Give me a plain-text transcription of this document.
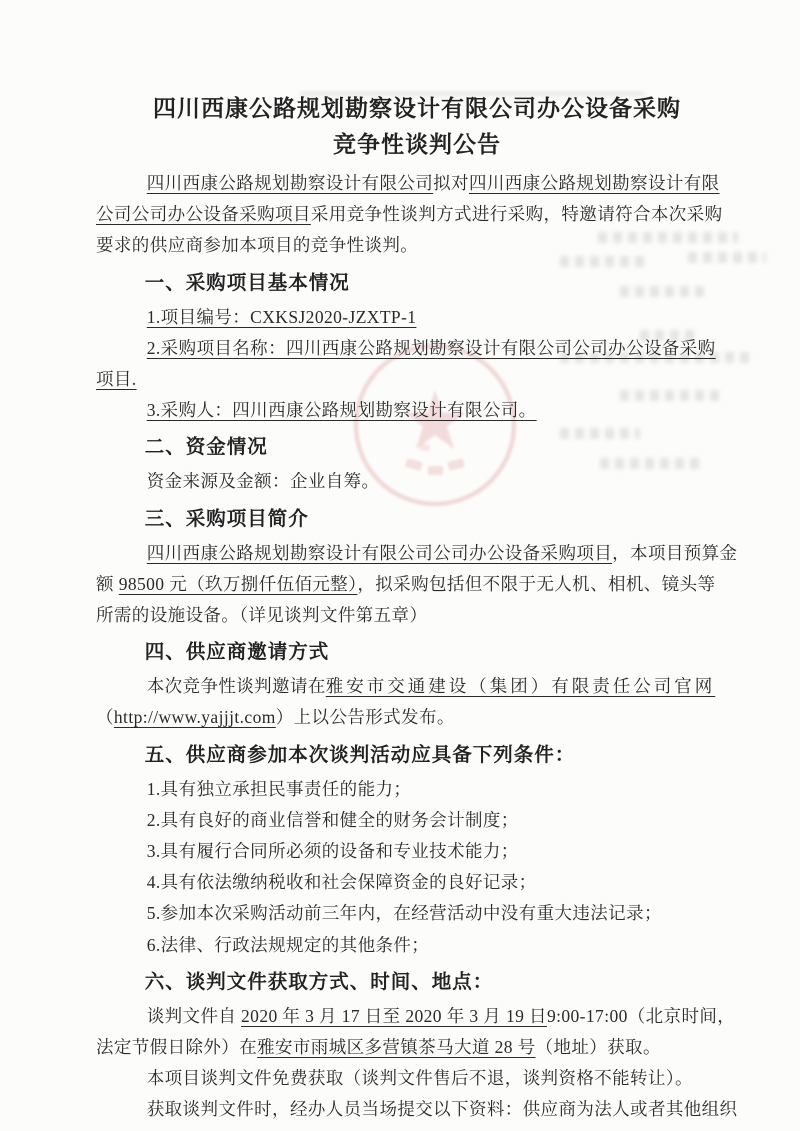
四川西康公路规划勘察设计有限公司办公设备采购
竞争性谈判公告
四川西康公路规划勘察设计有限公司拟对四川西康公路规划勘察设计有限
公司公司办公设备采购项目采用竞争性谈判方式进行采购，特邀请符合本次采购
要求的供应商参加本项目的竞争性谈判。
一、采购项目基本情况
1.项目编号：CXKSJ2020-JZXTP-1
2.采购项目名称：四川西康公路规划勘察设计有限公司公司办公设备采购
项目.
3.采购人：四川西康公路规划勘察设计有限公司。
二、资金情况
资金来源及金额：企业自筹。
三、采购项目简介
四川西康公路规划勘察设计有限公司公司办公设备采购项目，本项目预算金
额 98500 元（玖万捌仟伍佰元整），拟采购包括但不限于无人机、相机、镜头等
所需的设施设备。（详见谈判文件第五章）
四、供应商邀请方式
本次竞争性谈判邀请在雅安市交通建设（集团）有限责任公司官网
（http://www.yajjjt.com）上以公告形式发布。
五、供应商参加本次谈判活动应具备下列条件：
1.具有独立承担民事责任的能力；
2.具有良好的商业信誉和健全的财务会计制度；
3.具有履行合同所必须的设备和专业技术能力；
4.具有依法缴纳税收和社会保障资金的良好记录；
5.参加本次采购活动前三年内，在经营活动中没有重大违法记录；
6.法律、行政法规规定的其他条件；
六、谈判文件获取方式、时间、地点：
谈判文件自 2020 年 3 月 17 日至 2020 年 3 月 19 日9:00-17:00（北京时间，
法定节假日除外）在雅安市雨城区多营镇茶马大道 28 号（地址）获取。
本项目谈判文件免费获取（谈判文件售后不退，谈判资格不能转让）。
获取谈判文件时，经办人员当场提交以下资料：供应商为法人或者其他组织
